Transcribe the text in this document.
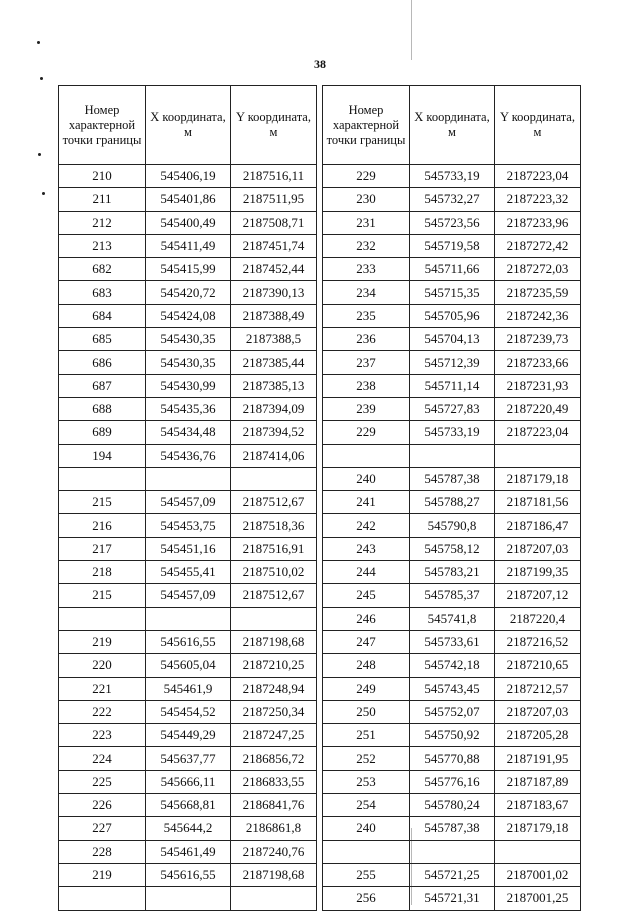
38
Номер характерной точки границы	X координата, м	Y координата, м
210	545406,19	2187516,11
211	545401,86	2187511,95
212	545400,49	2187508,71
213	545411,49	2187451,74
682	545415,99	2187452,44
683	545420,72	2187390,13
684	545424,08	2187388,49
685	545430,35	2187388,5
686	545430,35	2187385,44
687	545430,99	2187385,13
688	545435,36	2187394,09
689	545434,48	2187394,52
194	545436,76	2187414,06

215	545457,09	2187512,67
216	545453,75	2187518,36
217	545451,16	2187516,91
218	545455,41	2187510,02
215	545457,09	2187512,67

219	545616,55	2187198,68
220	545605,04	2187210,25
221	545461,9	2187248,94
222	545454,52	2187250,34
223	545449,29	2187247,25
224	545637,77	2186856,72
225	545666,11	2186833,55
226	545668,81	2186841,76
227	545644,2	2186861,8
228	545461,49	2187240,76
219	545616,55	2187198,68

Номер характерной точки границы	X координата, м	Y координата, м
229	545733,19	2187223,04
230	545732,27	2187223,32
231	545723,56	2187233,96
232	545719,58	2187272,42
233	545711,66	2187272,03
234	545715,35	2187235,59
235	545705,96	2187242,36
236	545704,13	2187239,73
237	545712,39	2187233,66
238	545711,14	2187231,93
239	545727,83	2187220,49
229	545733,19	2187223,04

240	545787,38	2187179,18
241	545788,27	2187181,56
242	545790,8	2187186,47
243	545758,12	2187207,03
244	545783,21	2187199,35
245	545785,37	2187207,12
246	545741,8	2187220,4
247	545733,61	2187216,52
248	545742,18	2187210,65
249	545743,45	2187212,57
250	545752,07	2187207,03
251	545750,92	2187205,28
252	545770,88	2187191,95
253	545776,16	2187187,89
254	545780,24	2187183,67
240	545787,38	2187179,18

255	545721,25	2187001,02
256	545721,31	2187001,25
